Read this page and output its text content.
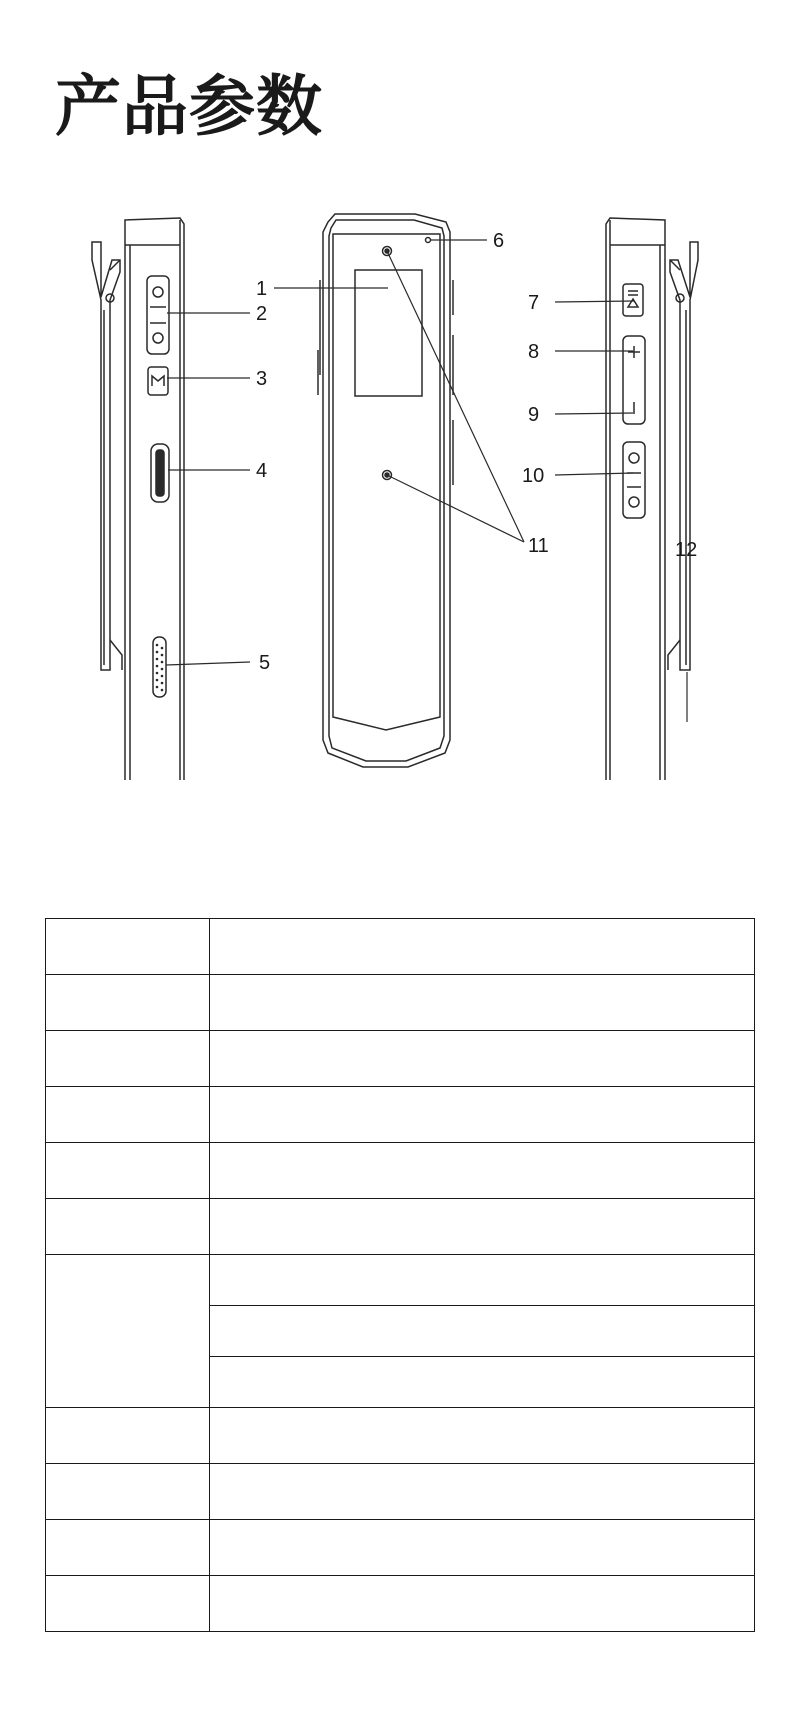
产品参数
1
2
3
4
5
6
7
8
9
10
11	12
